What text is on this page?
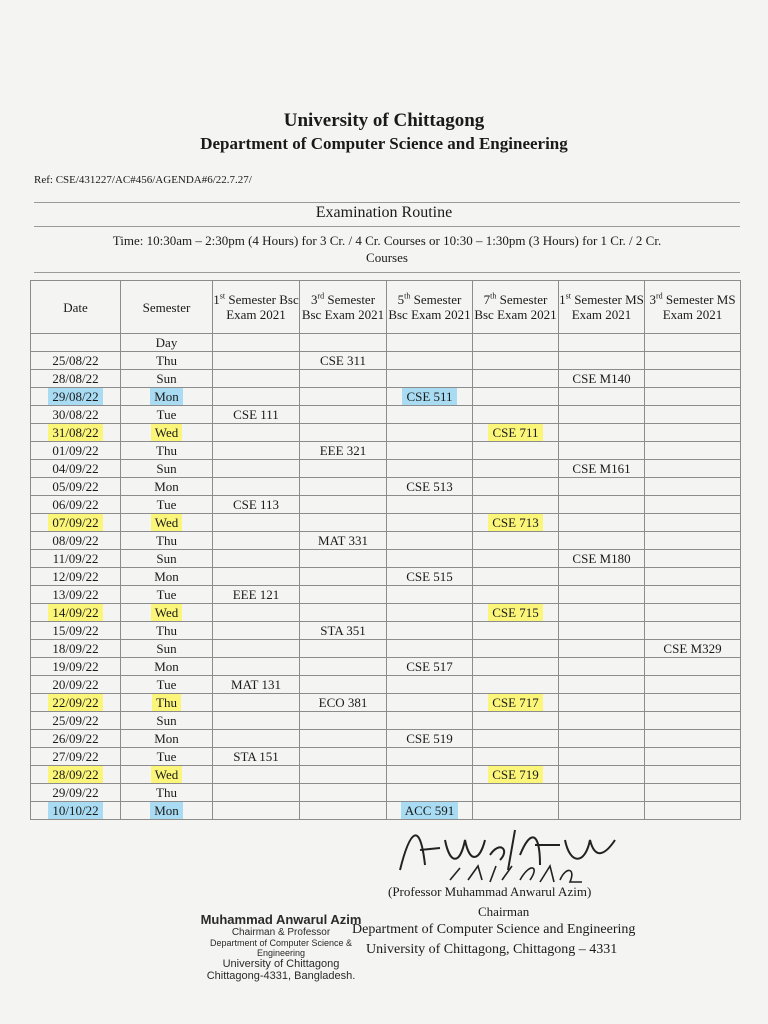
University of Chittagong
Department of Computer Science and Engineering
Ref: CSE/431227/AC#456/AGENDA#6/22.7.27/
Examination Routine
Time: 10:30am – 2:30pm (4 Hours) for 3 Cr. / 4 Cr. Courses or 10:30 – 1:30pm (3 Hours) for 1 Cr. / 2 Cr.
Courses
Date	Semester	1st Semester Bsc Exam 2021	3rd Semester Bsc Exam 2021	5th Semester Bsc Exam 2021	7th Semester Bsc Exam 2021	1st Semester MS Exam 2021	3rd Semester MS Exam 2021
	Day						
25/08/22	Thu		CSE 311				
28/08/22	Sun					CSE M140	
29/08/22	Mon			CSE 511			
30/08/22	Tue	CSE 111					
31/08/22	Wed				CSE 711		
01/09/22	Thu		EEE 321				
04/09/22	Sun					CSE M161	
05/09/22	Mon			CSE 513			
06/09/22	Tue	CSE 113					
07/09/22	Wed				CSE 713		
08/09/22	Thu		MAT 331				
11/09/22	Sun					CSE M180	
12/09/22	Mon			CSE 515			
13/09/22	Tue	EEE 121					
14/09/22	Wed				CSE 715		
15/09/22	Thu		STA 351				
18/09/22	Sun						CSE M329
19/09/22	Mon			CSE 517			
20/09/22	Tue	MAT 131					
22/09/22	Thu		ECO 381		CSE 717		
25/09/22	Sun						
26/09/22	Mon			CSE 519			
27/09/22	Tue	STA 151					
28/09/22	Wed				CSE 719		
29/09/22	Thu						
10/10/22	Mon			ACC 591			
(Professor Muhammad Anwarul Azim)
Chairman
Department of Computer Science and Engineering
University of Chittagong, Chittagong – 4331
Muhammad Anwarul Azim
Chairman & Professor
Department of Computer Science & Engineering
University of Chittagong
Chittagong-4331, Bangladesh.
